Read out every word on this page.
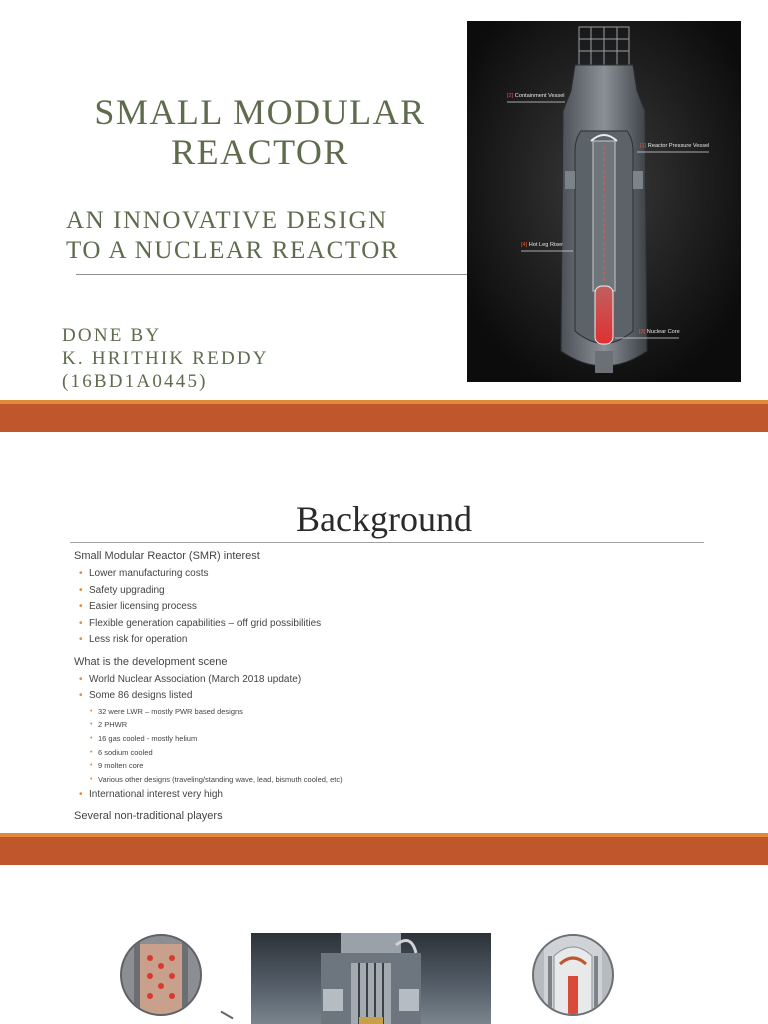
SMALL MODULAR
REACTOR
AN INNOVATIVE DESIGN
TO A NUCLEAR REACTOR
DONE BY
K. HRITHIK REDDY
(16BD1A0445)
[2] Containment Vessel
[1] Reactor Pressure Vessel
[4] Hot Leg Riser
[3] Nuclear Core
Background
Small Modular Reactor (SMR) interest
• Lower manufacturing costs
• Safety upgrading
• Easier licensing process
• Flexible generation capabilities – off grid possibilities
• Less risk for operation
What is the development scene
• World Nuclear Association (March 2018 update)
• Some 86 designs listed
• 32 were LWR – mostly PWR based designs
• 2 PHWR
• 16 gas cooled - mostly helium
• 6 sodium cooled
• 9 molten core
• Various other designs (traveling/standing wave, lead, bismuth cooled, etc)
• International interest very high
Several non-traditional players
